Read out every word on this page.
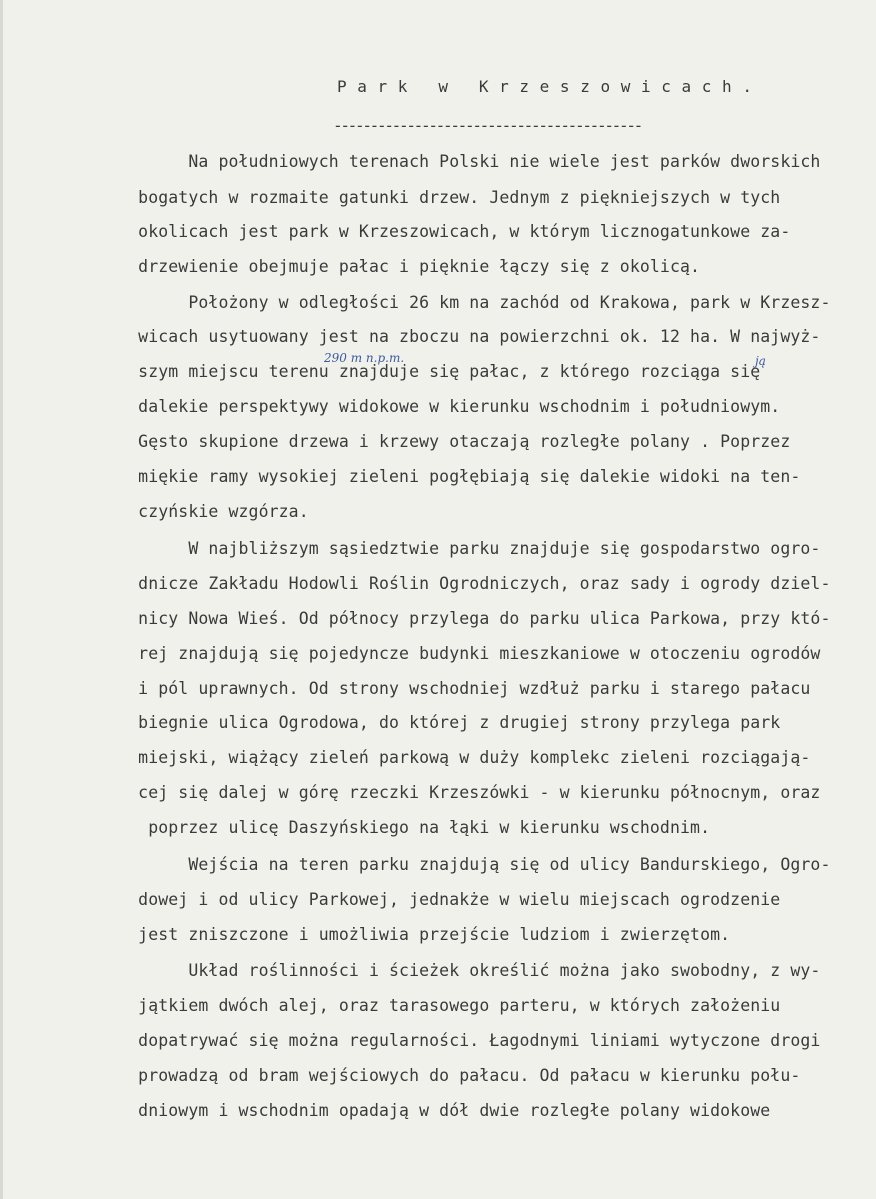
P a r k   w   K r z e s z o w i c a c h .
------------------------------------------
Na południowych terenach Polski nie wiele jest parków dworskich
bogatych w rozmaite gatunki drzew. Jednym z piękniejszych w tych
okolicach jest park w Krzeszowicach, w którym licznogatunkowe za-
drzewienie obejmuje pałac i pięknie łączy się z okolicą.
Położony w odległości 26 km na zachód od Krakowa, park w Krzesz-
wicach usytuowany jest na zboczu na powierzchni ok. 12 ha. W najwyż-
szym miejscu terenu znajduje się pałac, z którego rozciąga się
dalekie perspektywy widokowe w kierunku wschodnim i południowym.
Gęsto skupione drzewa i krzewy otaczają rozległe polany . Poprzez
miękie ramy wysokiej zieleni pogłębiają się dalekie widoki na ten-
czyńskie wzgórza.
W najbliższym sąsiedztwie parku znajduje się gospodarstwo ogro-
dnicze Zakładu Hodowli Roślin Ogrodniczych, oraz sady i ogrody dziel-
nicy Nowa Wieś. Od północy przylega do parku ulica Parkowa, przy któ-
rej znajdują się pojedyncze budynki mieszkaniowe w otoczeniu ogrodów
i pól uprawnych. Od strony wschodniej wzdłuż parku i starego pałacu
biegnie ulica Ogrodowa, do której z drugiej strony przylega park
miejski, wiążący zieleń parkową w duży komplekс zieleni rozciągają-
cej się dalej w górę rzeczki Krzeszówki - w kierunku północnym, oraz
poprzez ulicę Daszyńskiego na łąki w kierunku wschodnim.
Wejścia na teren parku znajdują się od ulicy Bandurskiego, Ogro-
dowej i od ulicy Parkowej, jednakże w wielu miejscach ogrodzenie
jest zniszczone i umożliwia przejście ludziom i zwierzętom.
Układ roślinności i ścieżek określić można jako swobodny, z wy-
jątkiem dwóch alej, oraz tarasowego parteru, w których założeniu
dopatrywać się można regularności. Łagodnymi liniami wytyczone drogi
prowadzą od bram wejściowych do pałacu. Od pałacu w kierunku połu-
dniowym i wschodnim opadają w dół dwie rozległe polany widokowe
290 m n.p.m.	ją
